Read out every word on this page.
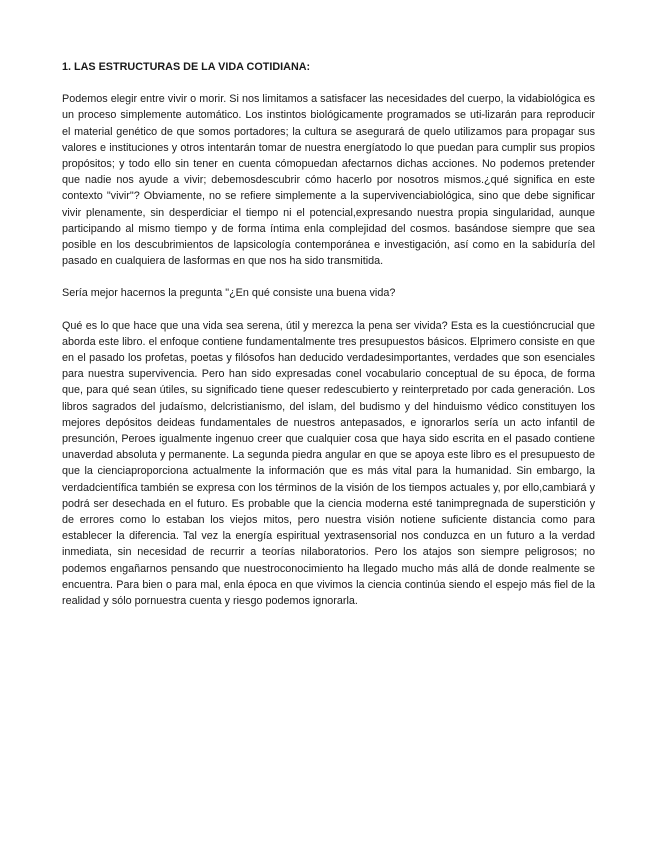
1. LAS ESTRUCTURAS DE LA VIDA COTIDIANA:

Podemos elegir entre vivir o morir. Si nos limitamos a satisfacer las necesidades del cuerpo, la vidabiológica es un proceso simplemente automático. Los instintos biológicamente programados se uti-lizarán para reproducir el material genético de que somos portadores; la cultura se asegurará de quelo utilizamos para propagar sus valores e instituciones y otros intentarán tomar de nuestra energíatodo lo que puedan para cumplir sus propios propósitos; y todo ello sin tener en cuenta cómopuedan afectarnos dichas acciones. No podemos pretender que nadie nos ayude a vivir; debemosdescubrir cómo hacerlo por nosotros mismos.¿qué significa en este contexto "vivir"? Obviamente, no se refiere simplemente a la supervivenciabiológica, sino que debe significar vivir plenamente, sin desperdiciar el tiempo ni el potencial,expresando nuestra propia singularidad, aunque participando al mismo tiempo y de forma íntima enla complejidad del cosmos. basándose siempre que sea posible en los descubrimientos de lapsicología contemporánea e investigación, así como en la sabiduría del pasado en cualquiera de lasformas en que nos ha sido transmitida.

Sería mejor hacernos la pregunta "¿En qué consiste una buena vida?

Qué es lo que hace que una vida sea serena, útil y merezca la pena ser vivida? Esta es la cuestióncrucial que aborda este libro. el enfoque contiene fundamentalmente tres presupuestos básicos. Elprimero consiste en que en el pasado los profetas, poetas y filósofos han deducido verdadesimportantes, verdades que son esenciales para nuestra supervivencia. Pero han sido expresadas conel vocabulario conceptual de su época, de forma que, para qué sean útiles, su significado tiene queser redescubierto y reinterpretado por cada generación. Los libros sagrados del judaísmo, delcristianismo, del islam, del budismo y del hinduismo védico constituyen los mejores depósitos deideas fundamentales de nuestros antepasados, e ignorarlos sería un acto infantil de presunción, Peroes igualmente ingenuo creer que cualquier cosa que haya sido escrita en el pasado contiene unaverdad absoluta y permanente. La segunda piedra angular en que se apoya este libro es el presupuesto de que la cienciaproporciona actualmente la información que es más vital para la humanidad. Sin embargo, la verdadcientífica también se expresa con los términos de la visión de los tiempos actuales y, por ello,cambiará y podrá ser desechada en el futuro. Es probable que la ciencia moderna esté tanimpregnada de superstición y de errores como lo estaban los viejos mitos, pero nuestra visión notiene suficiente distancia como para establecer la diferencia. Tal vez la energía espiritual yextrasensorial nos conduzca en un futuro a la verdad inmediata, sin necesidad de recurrir a teorías nilaboratorios. Pero los atajos son siempre peligrosos; no podemos engañarnos pensando que nuestroconocimiento ha llegado mucho más allá de donde realmente se encuentra. Para bien o para mal, enla época en que vivimos la ciencia continúa siendo el espejo más fiel de la realidad y sólo pornuestra cuenta y riesgo podemos ignorarla.
